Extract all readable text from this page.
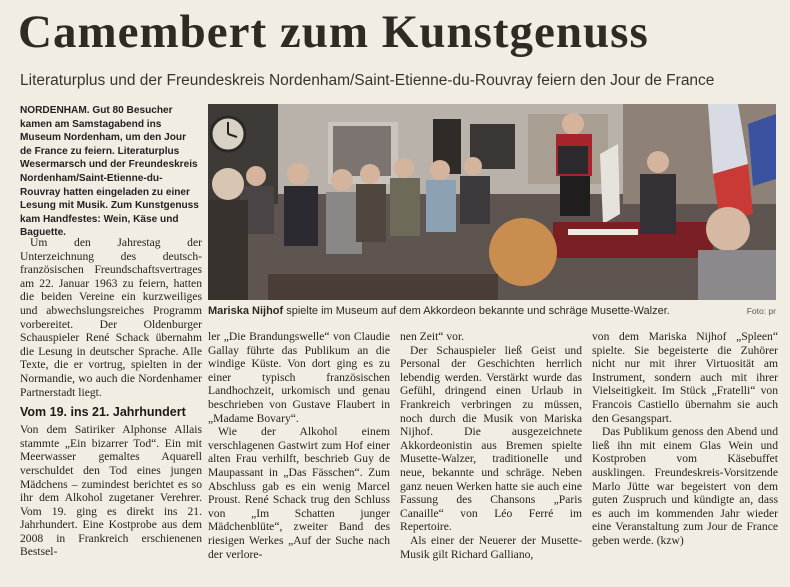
Camembert zum Kunstgenuss
Literaturplus und der Freundeskreis Nordenham/Saint-Etienne-du-Rouvray feiern den Jour de France
NORDENHAM. Gut 80 Besucher kamen am Samstagabend ins Museum Nordenham, um den Jour de France zu feiern. Literaturplus Wesermarsch und der Freundeskreis Nordenham/Saint-Etienne-du-Rouvray hatten eingeladen zu einer Lesung mit Musik. Zum Kunstgenuss kam Handfestes: Wein, Käse und Baguette.

Um den Jahrestag der Unterzeichnung des deutsch-französischen Freundschaftsvertrages am 22. Januar 1963 zu feiern, hatten die beiden Vereine ein kurzweiliges und abwechslungsreiches Programm vorbereitet. Der Oldenburger Schauspieler René Schack übernahm die Lesung in deutscher Sprache. Alle Texte, die er vortrug, spielten in der Normandie, wo auch die Nordenhamer Partnerstadt liegt.

Vom 19. ins 21. Jahrhundert

Von dem Satiriker Alphonse Allais stammte „Ein bizarrer Tod“. Ein mit Meerwasser gemaltes Aquarell verschuldet den Tod eines jungen Mädchens – zumindest berichtet es so ihr dem Alkohol zugetaner Verehrer. Vom 19. ging es direkt ins 21. Jahrhundert. Eine Kostprobe aus dem 2008 in Frankreich erschienenen Bestsel-

Mariska Nijhof spielte im Museum auf dem Akkordeon bekannte und schräge Musette-Walzer.	Foto: pr

ler „Die Brandungswelle“ von Claudie Gallay führte das Publikum an die windige Küste. Von dort ging es zu einer typisch französischen Landhochzeit, urkomisch und genau beschrieben von Gustave Flaubert in „Madame Bovary“.

Wie der Alkohol einem verschlagenen Gastwirt zum Hof einer alten Frau verhilft, beschrieb Guy de Maupassant in „Das Fässchen“. Zum Abschluss gab es ein wenig Marcel Proust. René Schack trug den Schluss von „Im Schatten junger Mädchenblüte“, zweiter Band des riesigen Werkes „Auf der Suche nach der verlore-

nen Zeit“ vor.

Der Schauspieler ließ Geist und Personal der Geschichten herrlich lebendig werden. Verstärkt wurde das Gefühl, dringend einen Urlaub in Frankreich verbringen zu müssen, noch durch die Musik von Mariska Nijhof. Die ausgezeichnete Akkordeonistin aus Bremen spielte Musette-Walzer, traditionelle und neue, bekannte und schräge. Neben ganz neuen Werken hatte sie auch eine Fassung des Chansons „Paris Canaille“ von Léo Ferré im Repertoire.

Als einer der Neuerer der Musette-Musik gilt Richard Galliano,

von dem Mariska Nijhof „Spleen“ spielte. Sie begeisterte die Zuhörer nicht nur mit ihrer Virtuosität am Instrument, sondern auch mit ihrer Vielseitigkeit. Im Stück „Fratelli“ von Francois Castiello übernahm sie auch den Gesangspart.

Das Publikum genoss den Abend und ließ ihn mit einem Glas Wein und Kostproben vom Käsebuffet ausklingen. Freundeskreis-Vorsitzende Marlo Jütte war begeistert von dem guten Zuspruch und kündigte an, dass es auch im kommenden Jahr wieder eine Veranstaltung zum Jour de France geben werde. (kzw)
